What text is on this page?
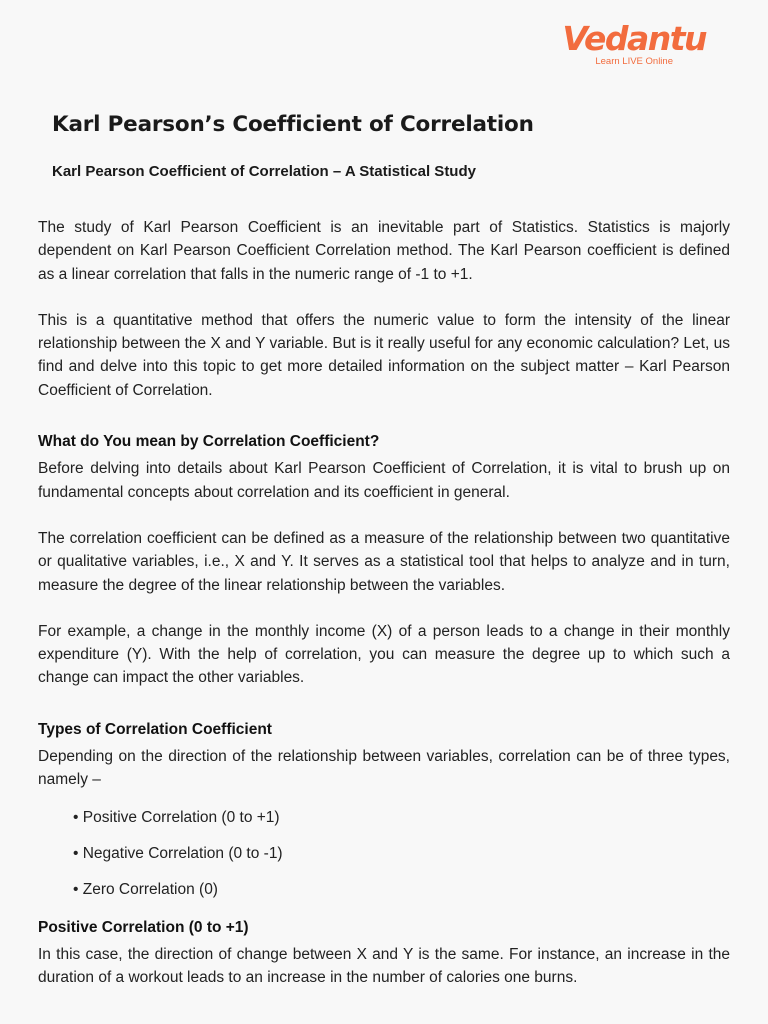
Vedantu
Learn LIVE Online
Karl Pearson’s Coefficient of Correlation
Karl Pearson Coefficient of Correlation – A Statistical Study

The study of Karl Pearson Coefficient is an inevitable part of Statistics. Statistics is majorly dependent on Karl Pearson Coefficient Correlation method. The Karl Pearson coefficient is defined as a linear correlation that falls in the numeric range of -1 to +1.

This is a quantitative method that offers the numeric value to form the intensity of the linear relationship between the X and Y variable. But is it really useful for any economic calculation? Let, us find and delve into this topic to get more detailed information on the subject matter – Karl Pearson Coefficient of Correlation.

What do You mean by Correlation Coefficient?

Before delving into details about Karl Pearson Coefficient of Correlation, it is vital to brush up on fundamental concepts about correlation and its coefficient in general.

The correlation coefficient can be defined as a measure of the relationship between two quantitative or qualitative variables, i.e., X and Y. It serves as a statistical tool that helps to analyze and in turn, measure the degree of the linear relationship between the variables.

For example, a change in the monthly income (X) of a person leads to a change in their monthly expenditure (Y). With the help of correlation, you can measure the degree up to which such a change can impact the other variables.

Types of Correlation Coefficient

Depending on the direction of the relationship between variables, correlation can be of three types, namely –

• Positive Correlation (0 to +1)
• Negative Correlation (0 to -1)
• Zero Correlation (0)

Positive Correlation (0 to +1)

In this case, the direction of change between X and Y is the same. For instance, an increase in the duration of a workout leads to an increase in the number of calories one burns.
